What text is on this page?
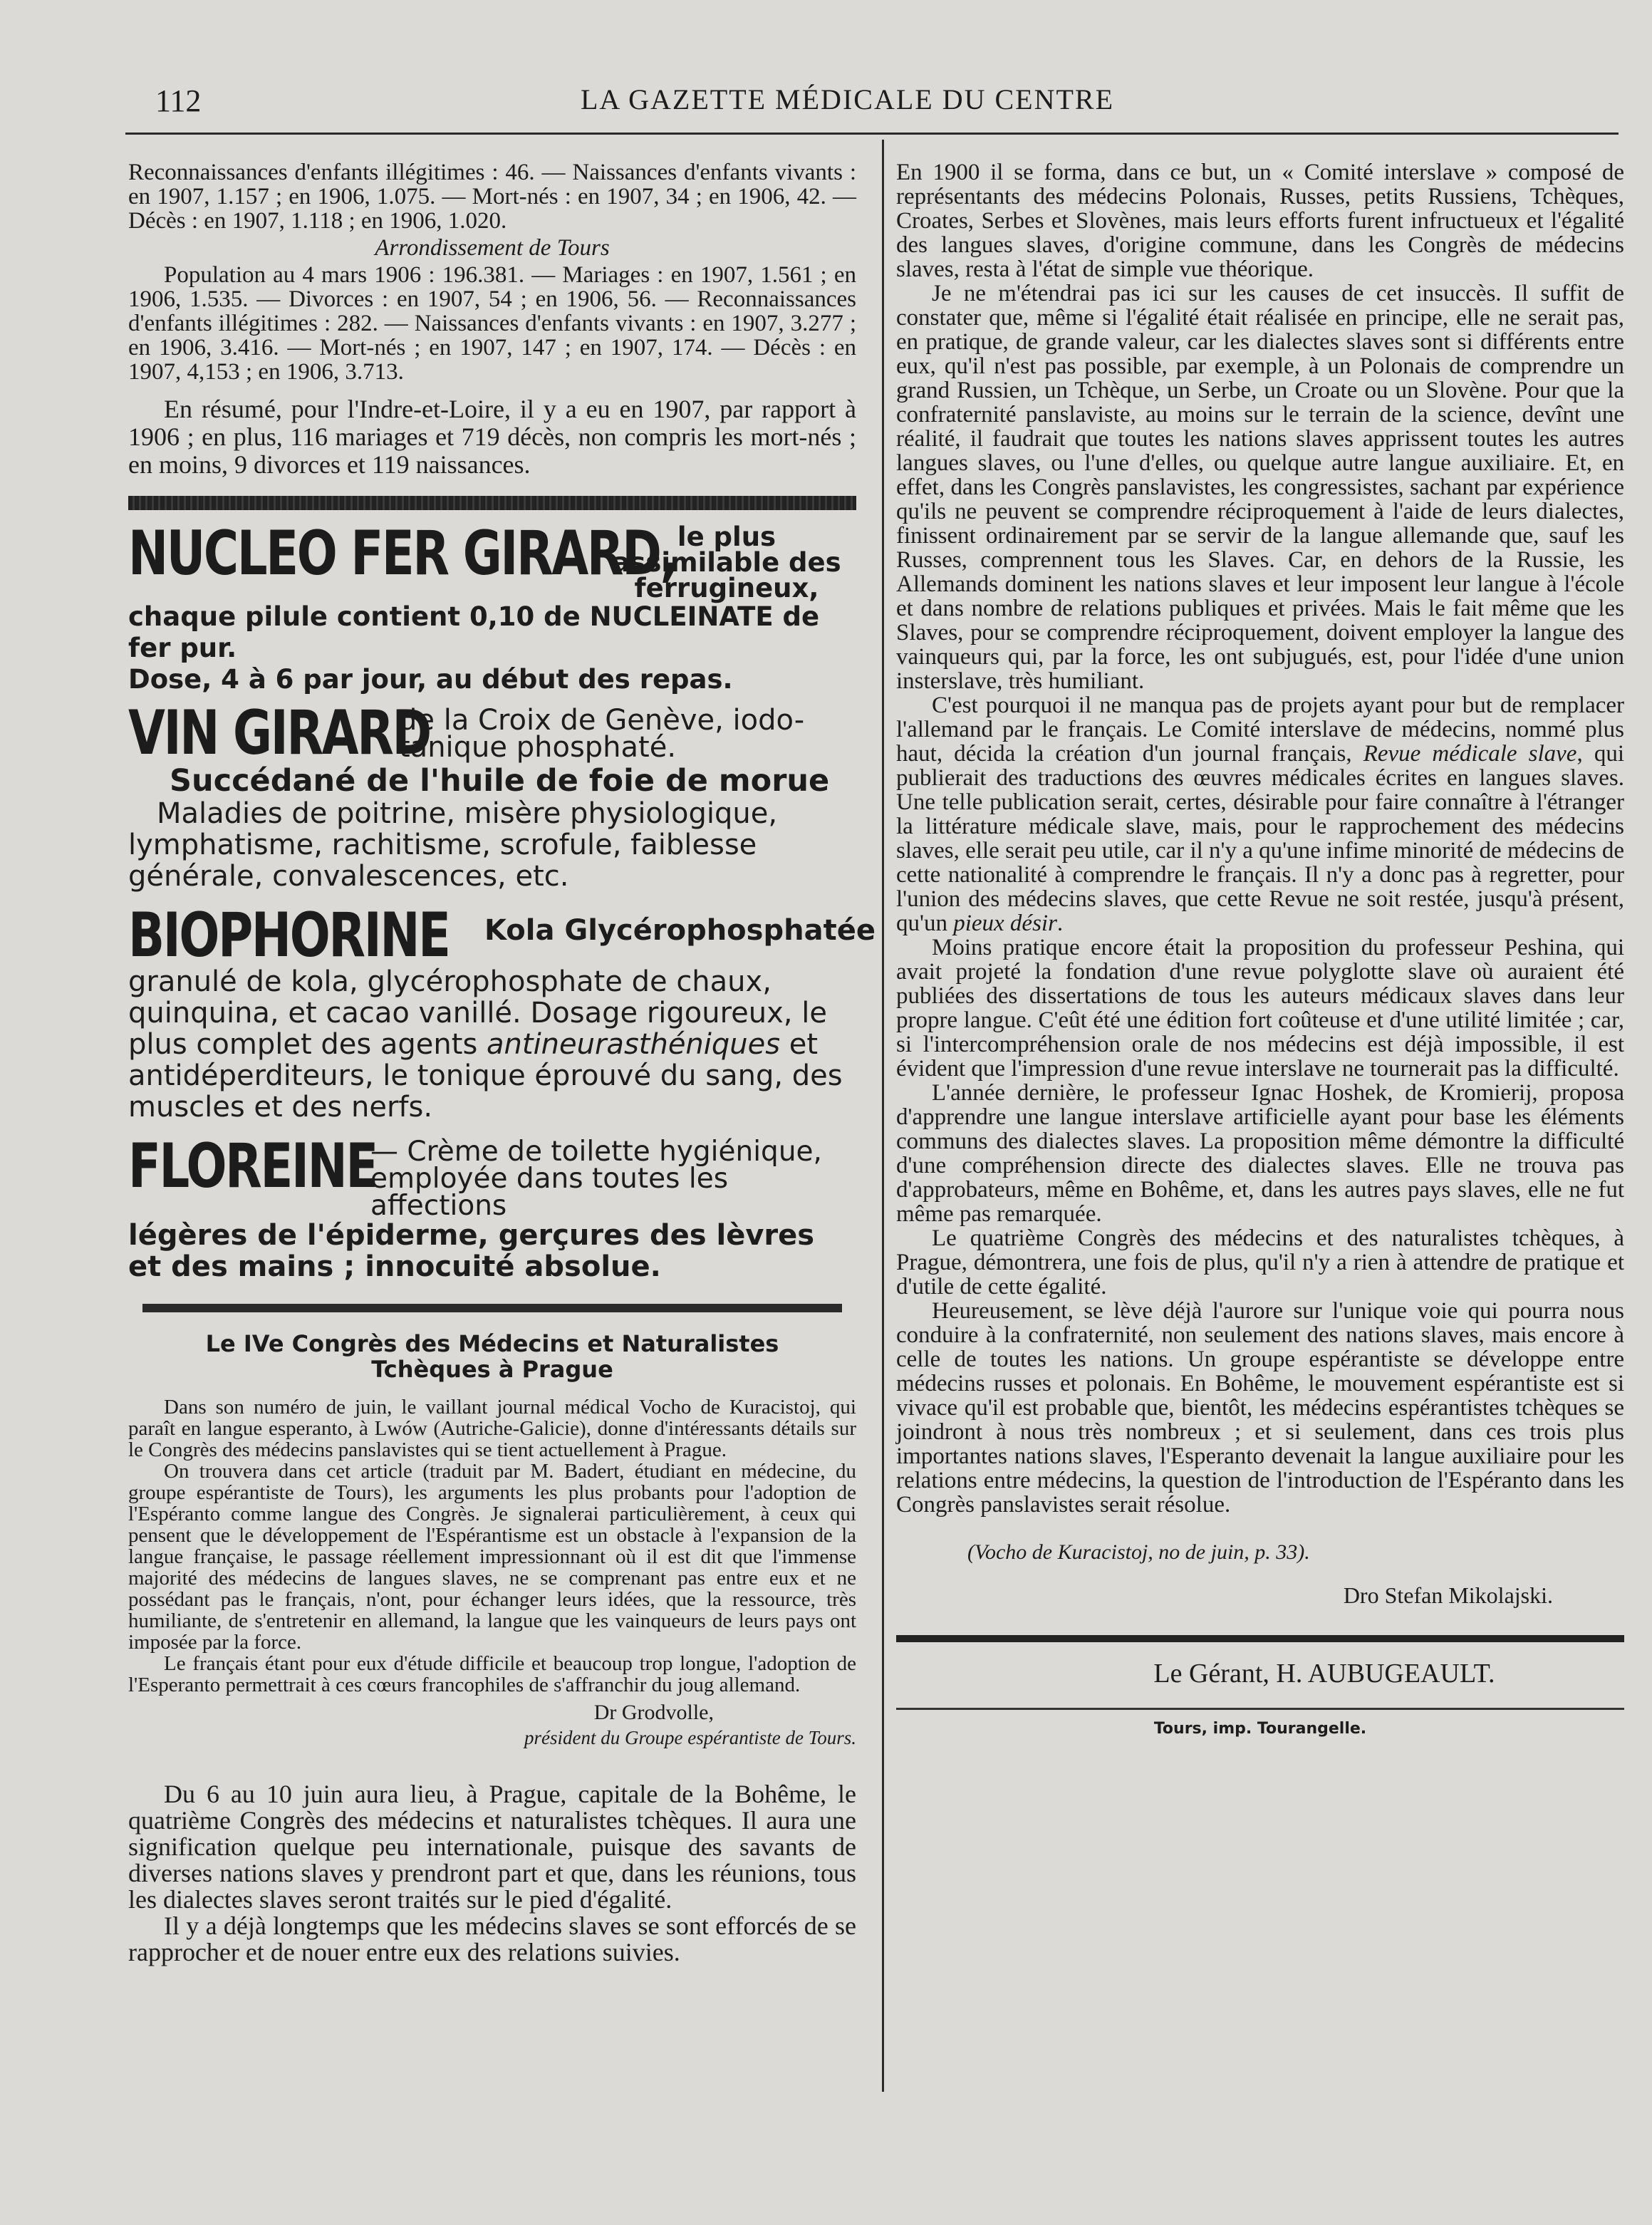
112	LA GAZETTE MÉDICALE DU CENTRE

Reconnaissances d'enfants illégitimes : 46. — Naissances d'enfants vivants : en 1907, 1.157 ; en 1906, 1.075. — Mort-nés : en 1907, 34 ; en 1906, 42. — Décès : en 1907, 1.118 ; en 1906, 1.020.

Arrondissement de Tours

Population au 4 mars 1906 : 196.381. — Mariages : en 1907, 1.561 ; en 1906, 1.535. — Divorces : en 1907, 54 ; en 1906, 56. — Reconnaissances d'enfants illégitimes : 282. — Naissances d'enfants vivants : en 1907, 3.277 ; en 1906, 3.416. — Mort-nés ; en 1907, 147 ; en 1907, 174. — Décès : en 1907, 4,153 ; en 1906, 3.713.

En résumé, pour l'Indre-et-Loire, il y a eu en 1907, par rapport à 1906 ; en plus, 116 mariages et 719 décès, non compris les mort-nés ; en moins, 9 divorces et 119 naissances.

NUCLEO FER GIRARD, le plus assimilable des ferrugineux,

chaque pilule contient 0,10 de NUCLEINATE de fer pur.

Dose, 4 à 6 par jour, au début des repas.

VIN GIRARD
de la Croix de Genève, iodo-tanique phosphaté.

Succédané de l'huile de foie de morue

Maladies de poitrine, misère physiologique, lymphatisme, rachitisme, scrofule, faiblesse générale, convalescences, etc.

BIOPHORINE	Kola Glycérophosphatée

granulé de kola, glycérophosphate de chaux, quinquina, et cacao vanillé. Dosage rigoureux, le plus complet des agents antineurasthéniques et antidéperditeurs, le tonique éprouvé du sang, des muscles et des nerfs.

FLOREINE
— Crème de toilette hygiénique, employée dans toutes les affections

légères de l'épiderme, gerçures des lèvres et des mains ; innocuité absolue.

Le IVe Congrès des Médecins et Naturalistes

Tchèques à Prague

Dans son numéro de juin, le vaillant journal médical Vocho de Kuracistoj, qui paraît en langue esperanto, à Lwów (Autriche-Galicie), donne d'intéressants détails sur le Congrès des médecins panslavistes qui se tient actuellement à Prague.

On trouvera dans cet article (traduit par M. Badert, étudiant en médecine, du groupe espérantiste de Tours), les arguments les plus probants pour l'adoption de l'Espéranto comme langue des Congrès. Je signalerai particulièrement, à ceux qui pensent que le développement de l'Espérantisme est un obstacle à l'expansion de la langue française, le passage réellement impressionnant où il est dit que l'immense majorité des médecins de langues slaves, ne se comprenant pas entre eux et ne possédant pas le français, n'ont, pour échanger leurs idées, que la ressource, très humiliante, de s'entretenir en allemand, la langue que les vainqueurs de leurs pays ont imposée par la force.

Le français étant pour eux d'étude difficile et beaucoup trop longue, l'adoption de l'Esperanto permettrait à ces cœurs francophiles de s'affranchir du joug allemand.

Dr Grodvolle,

président du Groupe espérantiste de Tours.

Du 6 au 10 juin aura lieu, à Prague, capitale de la Bohême, le quatrième Congrès des médecins et naturalistes tchèques. Il aura une signification quelque peu internationale, puisque des savants de diverses nations slaves y prendront part et que, dans les réunions, tous les dialectes slaves seront traités sur le pied d'égalité.

Il y a déjà longtemps que les médecins slaves se sont efforcés de se rapprocher et de nouer entre eux des relations suivies.

En 1900 il se forma, dans ce but, un « Comité interslave » composé de représentants des médecins Polonais, Russes, petits Russiens, Tchèques, Croates, Serbes et Slovènes, mais leurs efforts furent infructueux et l'égalité des langues slaves, d'origine commune, dans les Congrès de médecins slaves, resta à l'état de simple vue théorique.

Je ne m'étendrai pas ici sur les causes de cet insuccès. Il suffit de constater que, même si l'égalité était réalisée en principe, elle ne serait pas, en pratique, de grande valeur, car les dialectes slaves sont si différents entre eux, qu'il n'est pas possible, par exemple, à un Polonais de comprendre un grand Russien, un Tchèque, un Serbe, un Croate ou un Slovène. Pour que la confraternité panslaviste, au moins sur le terrain de la science, devînt une réalité, il faudrait que toutes les nations slaves apprissent toutes les autres langues slaves, ou l'une d'elles, ou quelque autre langue auxiliaire. Et, en effet, dans les Congrès panslavistes, les congressistes, sachant par expérience qu'ils ne peuvent se comprendre réciproquement à l'aide de leurs dialectes, finissent ordinairement par se servir de la langue allemande que, sauf les Russes, comprennent tous les Slaves. Car, en dehors de la Russie, les Allemands dominent les nations slaves et leur imposent leur langue à l'école et dans nombre de relations publiques et privées. Mais le fait même que les Slaves, pour se comprendre réciproquement, doivent employer la langue des vainqueurs qui, par la force, les ont subjugués, est, pour l'idée d'une union insterslave, très humiliant.

C'est pourquoi il ne manqua pas de projets ayant pour but de remplacer l'allemand par le français. Le Comité interslave de médecins, nommé plus haut, décida la création d'un journal français, Revue médicale slave, qui publierait des traductions des œuvres médicales écrites en langues slaves. Une telle publication serait, certes, désirable pour faire connaître à l'étranger la littérature médicale slave, mais, pour le rapprochement des médecins slaves, elle serait peu utile, car il n'y a qu'une infime minorité de médecins de cette nationalité à comprendre le français. Il n'y a donc pas à regretter, pour l'union des médecins slaves, que cette Revue ne soit restée, jusqu'à présent, qu'un pieux désir.

Moins pratique encore était la proposition du professeur Peshina, qui avait projeté la fondation d'une revue polyglotte slave où auraient été publiées des dissertations de tous les auteurs médicaux slaves dans leur propre langue. C'eût été une édition fort coûteuse et d'une utilité limitée ; car, si l'intercompréhension orale de nos médecins est déjà impossible, il est évident que l'impression d'une revue interslave ne tournerait pas la difficulté.

L'année dernière, le professeur Ignac Hoshek, de Kromierij, proposa d'apprendre une langue interslave artificielle ayant pour base les éléments communs des dialectes slaves. La proposition même démontre la difficulté d'une compréhension directe des dialectes slaves. Elle ne trouva pas d'approbateurs, même en Bohême, et, dans les autres pays slaves, elle ne fut même pas remarquée.

Le quatrième Congrès des médecins et des naturalistes tchèques, à Prague, démontrera, une fois de plus, qu'il n'y a rien à attendre de pratique et d'utile de cette égalité.

Heureusement, se lève déjà l'aurore sur l'unique voie qui pourra nous conduire à la confraternité, non seulement des nations slaves, mais encore à celle de toutes les nations. Un groupe espérantiste se développe entre médecins russes et polonais. En Bohême, le mouvement espérantiste est si vivace qu'il est probable que, bientôt, les médecins espérantistes tchèques se joindront à nous très nombreux ; et si seulement, dans ces trois plus importantes nations slaves, l'Esperanto devenait la langue auxiliaire pour les relations entre médecins, la question de l'introduction de l'Espéranto dans les Congrès panslavistes serait résolue.

(Vocho de Kuracistoj, no de juin, p. 33).

Dro Stefan Mikolajski.

Le Gérant, H. AUBUGEAULT.

Tours, imp. Tourangelle.
